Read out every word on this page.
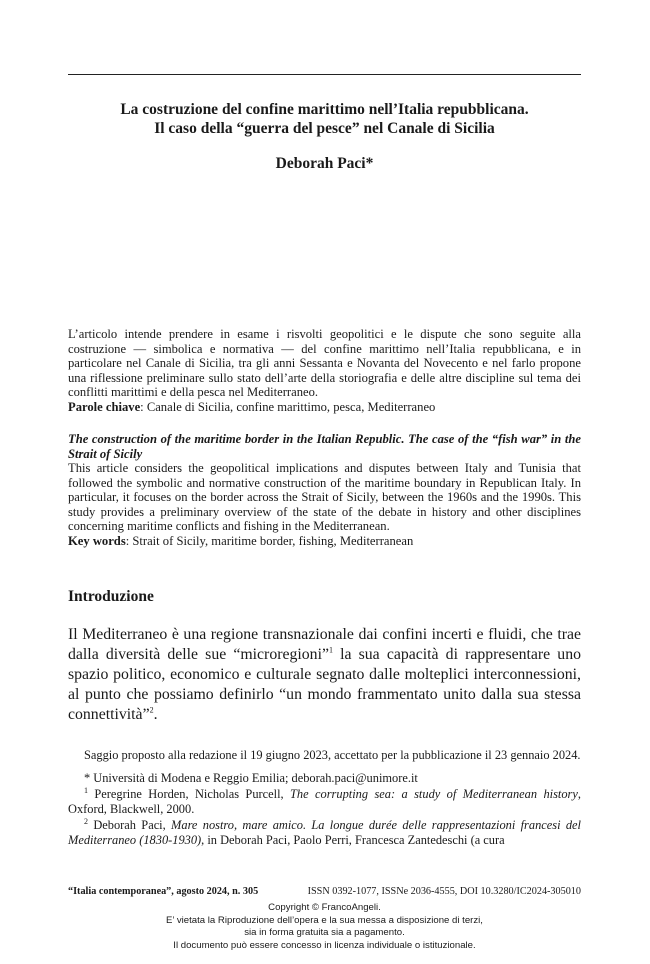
La costruzione del confine marittimo nell’Italia repubblicana.
Il caso della “guerra del pesce” nel Canale di Sicilia
Deborah Paci*
L’articolo intende prendere in esame i risvolti geopolitici e le dispute che sono seguite alla costruzione — simbolica e normativa — del confine marittimo nell’Italia repubblicana, e in particolare nel Canale di Sicilia, tra gli anni Sessanta e Novanta del Novecento e nel farlo propone una riflessione preliminare sullo stato dell’arte della storiografia e delle altre discipline sul tema dei conflitti marittimi e della pesca nel Mediterraneo.
Parole chiave: Canale di Sicilia, confine marittimo, pesca, Mediterraneo
The construction of the maritime border in the Italian Republic. The case of the “fish war” in the Strait of Sicily
This article considers the geopolitical implications and disputes between Italy and Tunisia that followed the symbolic and normative construction of the maritime boundary in Republican Italy. In particular, it focuses on the border across the Strait of Sicily, between the 1960s and the 1990s. This study provides a preliminary overview of the state of the debate in history and other disciplines concerning maritime conflicts and fishing in the Mediterranean.
Key words: Strait of Sicily, maritime border, fishing, Mediterranean
Introduzione
Il Mediterraneo è una regione transnazionale dai confini incerti e fluidi, che trae dalla diversità delle sue “microregioni”$^1$ la sua capacità di rappresentare uno spazio politico, economico e culturale segnato dalle molteplici interconnessioni, al punto che possiamo definirlo “un mondo frammentato unito dalla sua stessa connettività”$^2$.

Saggio proposto alla redazione il 19 giugno 2023, accettato per la pubblicazione il 23 gennaio 2024.

* Università di Modena e Reggio Emilia; deborah.paci@unimore.it

$^1$ Peregrine Horden, Nicholas Purcell, The corrupting sea: a study of Mediterranean history, Oxford, Blackwell, 2000.

$^2$ Deborah Paci, Mare nostro, mare amico. La longue durée delle rappresentazioni francesi del Mediterraneo (1830-1930), in Deborah Paci, Paolo Perri, Francesca Zantedeschi (a cura

“Italia contemporanea”, agosto 2024, n. 305	ISSN 0392-1077, ISSNe 2036-4555, DOI 10.3280/IC2024-305010
Copyright © FrancoAngeli.
E’ vietata la Riproduzione dell’opera e la sua messa a disposizione di terzi,
sia in forma gratuita sia a pagamento.
Il documento può essere concesso in licenza individuale o istituzionale.
